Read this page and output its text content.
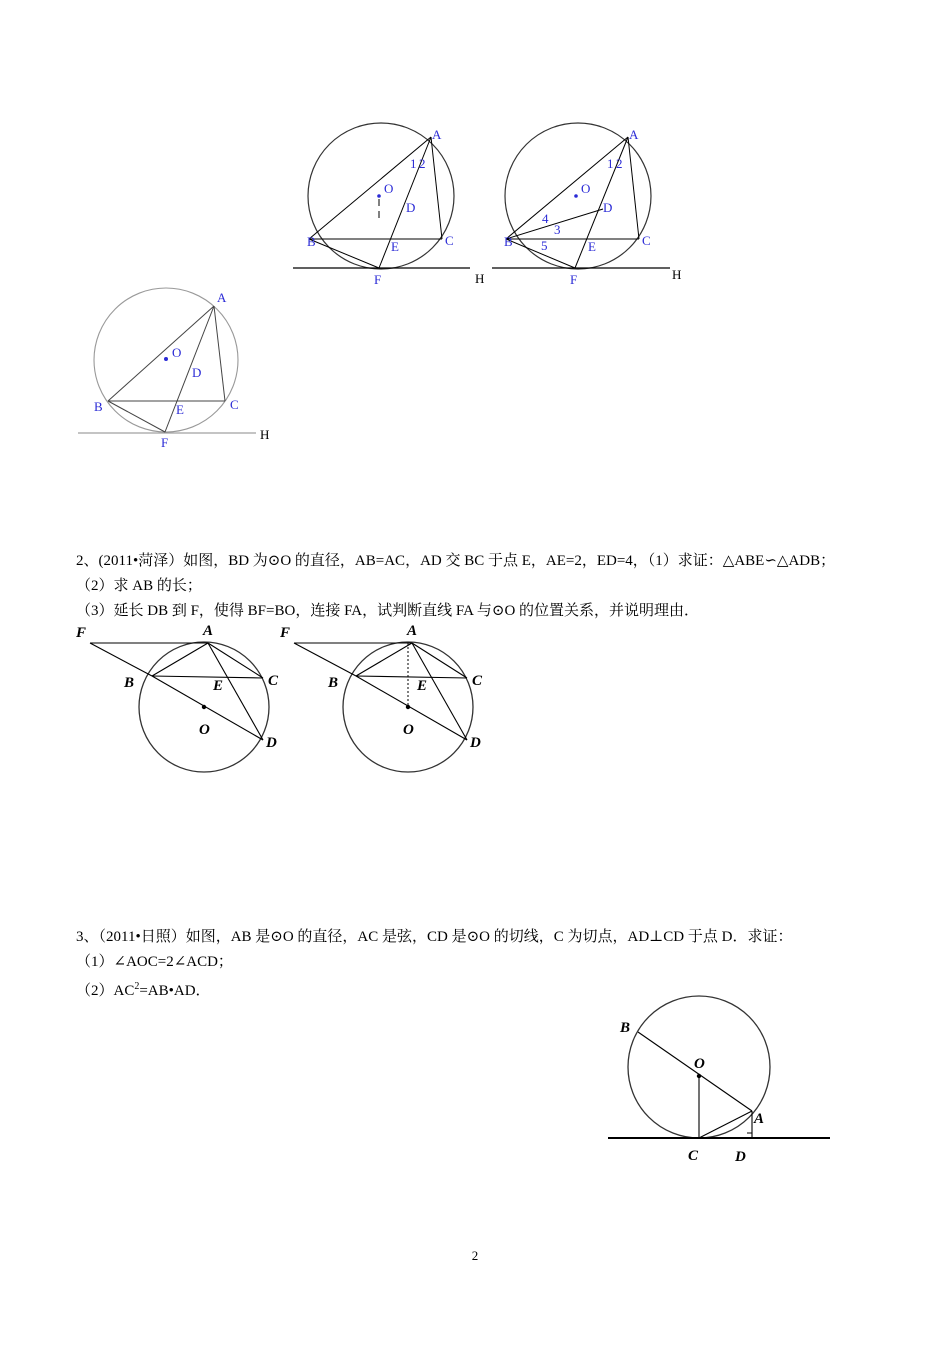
A
1 2
O
D
B	C
E
F	H
A
1 2
O
D
4
3
5
B	C
E
F	H
A
O
D
B	C
E
F
H
2、(2011•菏泽）如图，BD 为⊙O 的直径，AB=AC，AD 交 BC 于点 E，AE=2，ED=4，（1）求证：△ABE∽△ADB；
（2）求 AB 的长；
（3）延长 DB 到 F，使得 BF=BO，连接 FA，试判断直线 FA 与⊙O 的位置关系，并说明理由．
F	A
B	E	C
O
D
F	A
B	E	C
O
D
3、（2011•日照）如图，AB 是⊙O 的直径，AC 是弦，CD 是⊙O 的切线，C 为切点，AD⊥CD 于点 D．求证：
（1）∠AOC=2∠ACD；
$(2)AC^2=AB•AD$．
B
O
A
C D
2
